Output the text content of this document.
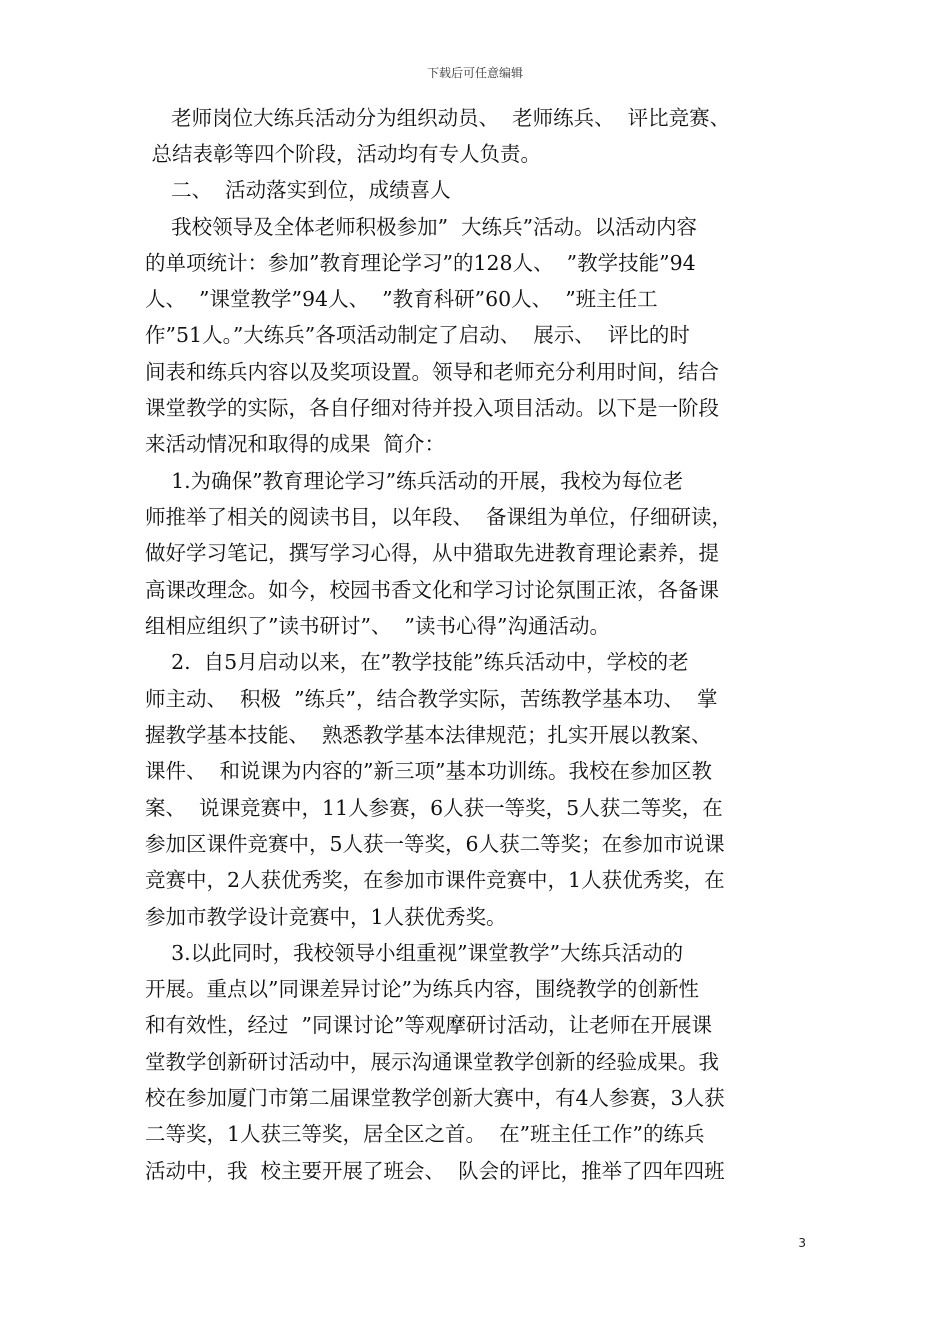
下载后可任意编辑
老师岗位大练兵活动分为组织动员、  老师练兵、  评比竞赛、
总结表彰等四个阶段，活动均有专人负责。
二、  活动落实到位，成绩喜人
我校领导及全体老师积极参加”  大练兵”活动。以活动内容
的单项统计：参加”教育理论学习”的128人、  ”教学技能”94
人、  ”课堂教学”94人、  ”教育科研”60人、  ”班主任工
作”51人。”大练兵”各项活动制定了启动、  展示、  评比的时
间表和练兵内容以及奖项设置。领导和老师充分利用时间，结合
课堂教学的实际，各自仔细对待并投入项目活动。以下是一阶段
来活动情况和取得的成果  简介：
1.为确保”教育理论学习”练兵活动的开展，我校为每位老
师推举了相关的阅读书目，以年段、  备课组为单位，仔细研读，
做好学习笔记，撰写学习心得，从中猎取先进教育理论素养，提
高课改理念。如今，校园书香文化和学习讨论氛围正浓，各备课
组相应组织了”读书研讨”、  ”读书心得”沟通活动。
2.  自5月启动以来，在”教学技能”练兵活动中，学校的老
师主动、  积极  ”练兵”，结合教学实际，苦练教学基本功、  掌
握教学基本技能、  熟悉教学基本法律规范；扎实开展以教案、
课件、  和说课为内容的”新三项”基本功训练。我校在参加区教
案、  说课竞赛中，11人参赛，6人获一等奖，5人获二等奖，在
参加区课件竞赛中，5人获一等奖，6人获二等奖；在参加市说课
竞赛中，2人获优秀奖，在参加市课件竞赛中，1人获优秀奖，在
参加市教学设计竞赛中，1人获优秀奖。
3.以此同时，我校领导小组重视”课堂教学”大练兵活动的
开展。重点以”同课差异讨论”为练兵内容，围绕教学的创新性
和有效性，经过  ”同课讨论”等观摩研讨活动，让老师在开展课
堂教学创新研讨活动中，展示沟通课堂教学创新的经验成果。我
校在参加厦门市第二届课堂教学创新大赛中，有4人参赛，3人获
二等奖，1人获三等奖，居全区之首。  在”班主任工作”的练兵
活动中，我  校主要开展了班会、  队会的评比，推举了四年四班
3
